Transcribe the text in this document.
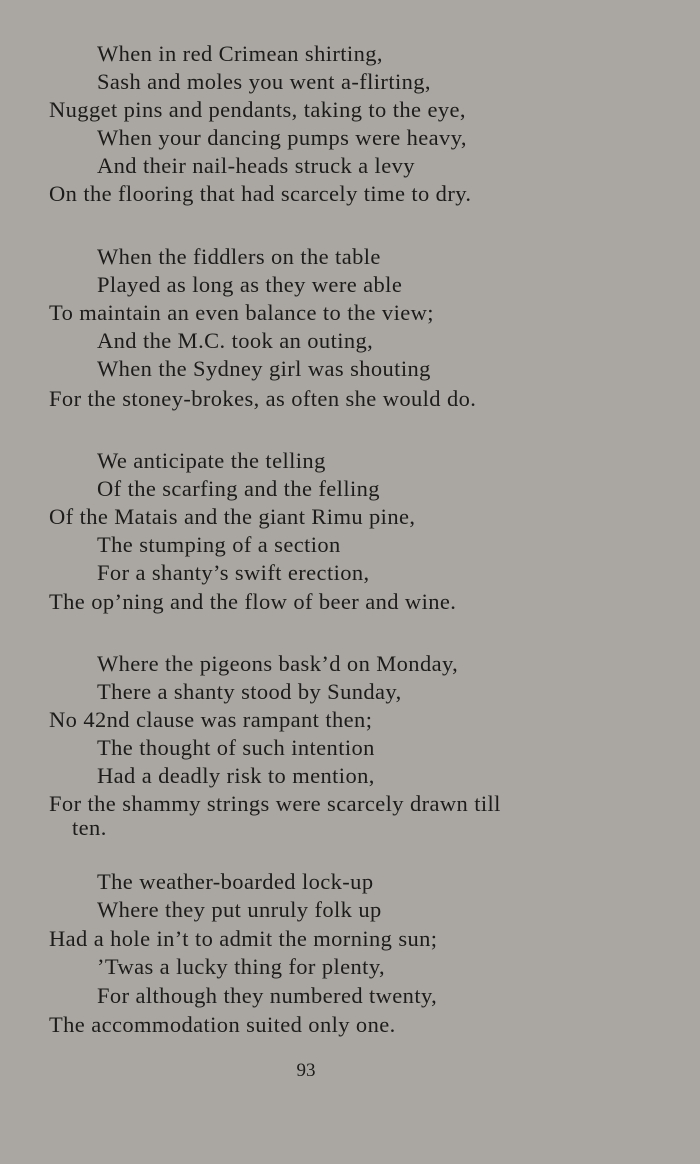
When in red Crimean shirting,
Sash and moles you went a-flirting,
Nugget pins and pendants, taking to the eye,
When your dancing pumps were heavy,
And their nail-heads struck a levy
On the flooring that had scarcely time to dry.
When the fiddlers on the table
Played as long as they were able
To maintain an even balance to the view;
And the M.C. took an outing,
When the Sydney girl was shouting
For the stoney-brokes, as often she would do.
We anticipate the telling
Of the scarfing and the felling
Of the Matais and the giant Rimu pine,
The stumping of a section
For a shanty’s swift erection,
The op’ning and the flow of beer and wine.
Where the pigeons bask’d on Monday,
There a shanty stood by Sunday,
No 42nd clause was rampant then;
The thought of such intention
Had a deadly risk to mention,
For the shammy strings were scarcely drawn till
ten.
The weather-boarded lock-up
Where they put unruly folk up
Had a hole in’t to admit the morning sun;
’Twas a lucky thing for plenty,
For although they numbered twenty,
The accommodation suited only one.
93
